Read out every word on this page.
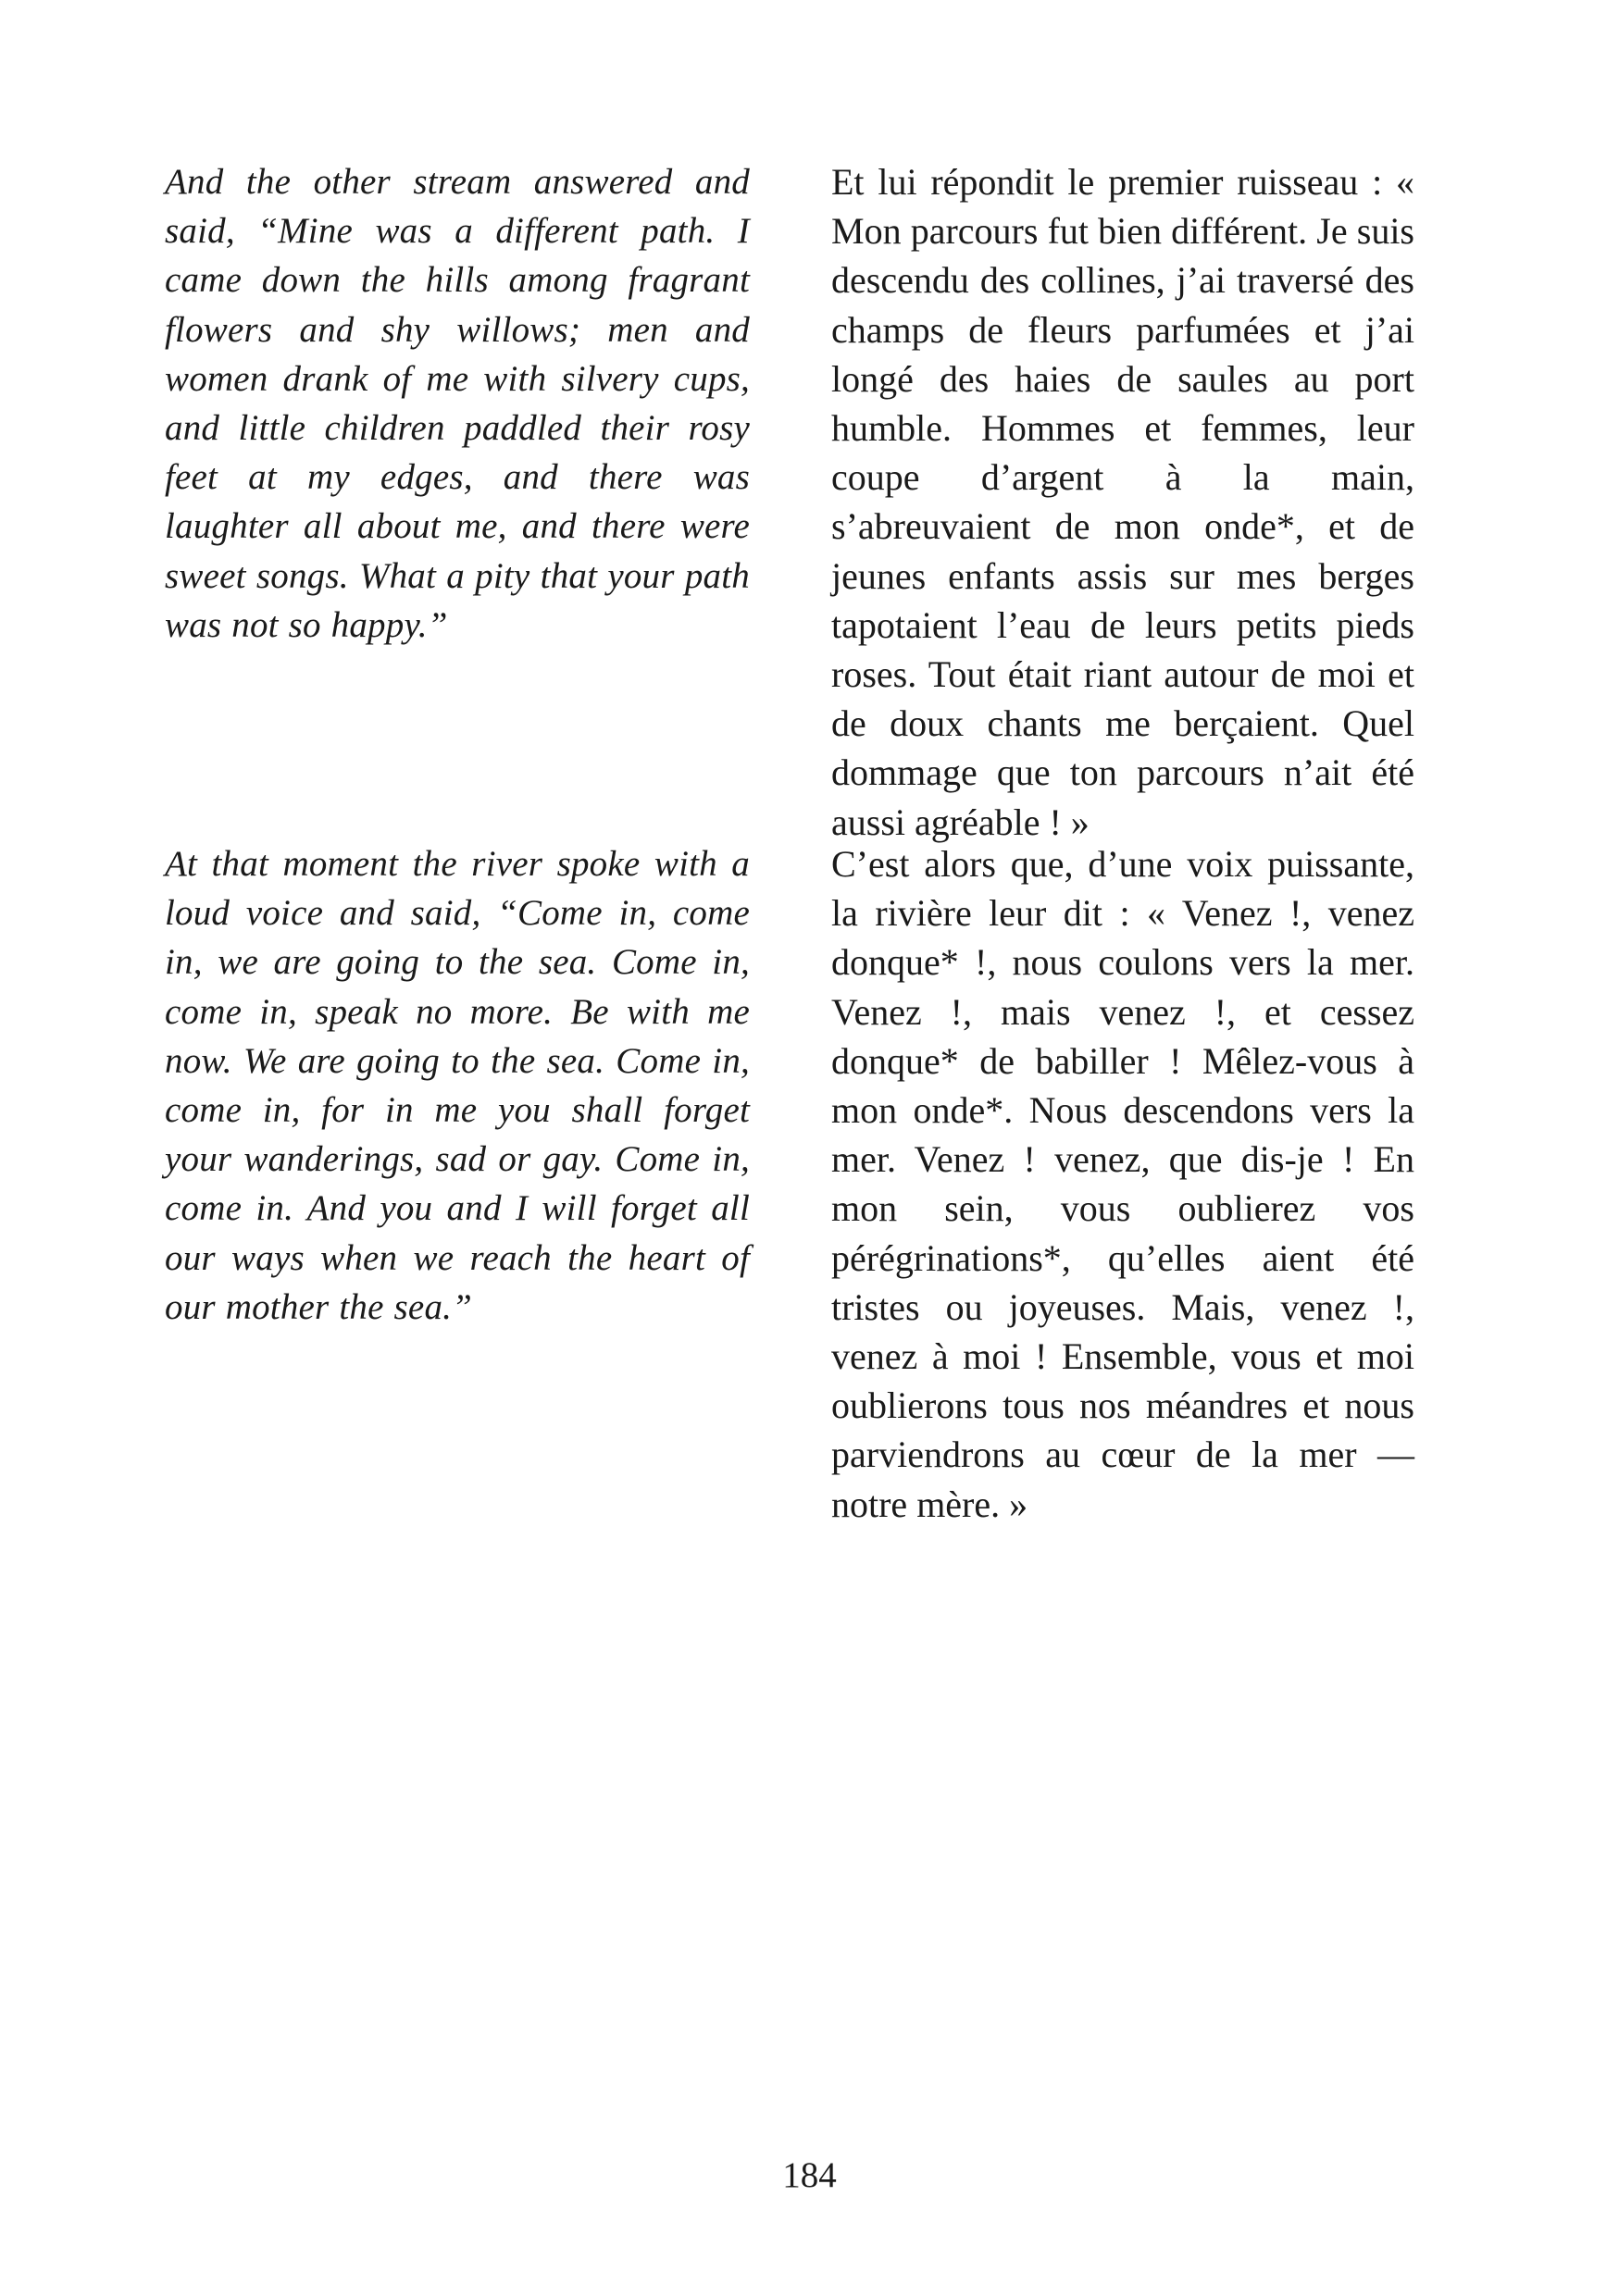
And the other stream answered and said, “Mine was a different path. I came down the hills among fragrant flowers and shy willows; men and women drank of me with silvery cups, and little children paddled their rosy feet at my edges, and there was laughter all about me, and there were sweet songs. What a pity that your path was not so happy.”

Et lui répondit le premier ruisseau : « Mon parcours fut bien différent. Je suis descendu des collines, j’ai traversé des champs de fleurs parfumées et j’ai longé des haies de saules au port humble. Hommes et femmes, leur coupe d’argent à la main, s’abreuvaient de mon onde*, et de jeunes enfants assis sur mes berges tapotaient l’eau de leurs petits pieds roses. Tout était riant autour de moi et de doux chants me berçaient. Quel dommage que ton parcours n’ait été aussi agréable ! »

At that moment the river spoke with a loud voice and said, “Come in, come in, we are going to the sea. Come in, come in, speak no more. Be with me now. We are going to the sea. Come in, come in, for in me you shall forget your wanderings, sad or gay. Come in, come in. And you and I will forget all our ways when we reach the heart of our mother the sea.”

C’est alors que, d’une voix puissante, la rivière leur dit : « Venez !, venez donque* !, nous coulons vers la mer. Venez !, mais venez !, et cessez donque* de babiller ! Mêlez-vous à mon onde*. Nous descendons vers la mer. Venez ! venez, que dis-je ! En mon sein, vous oublierez vos pérégrinations*, qu’elles aient été tristes ou joyeuses. Mais, venez !, venez à moi ! Ensemble, vous et moi oublierons tous nos méandres et nous parviendrons au cœur de la mer — notre mère. »

184
